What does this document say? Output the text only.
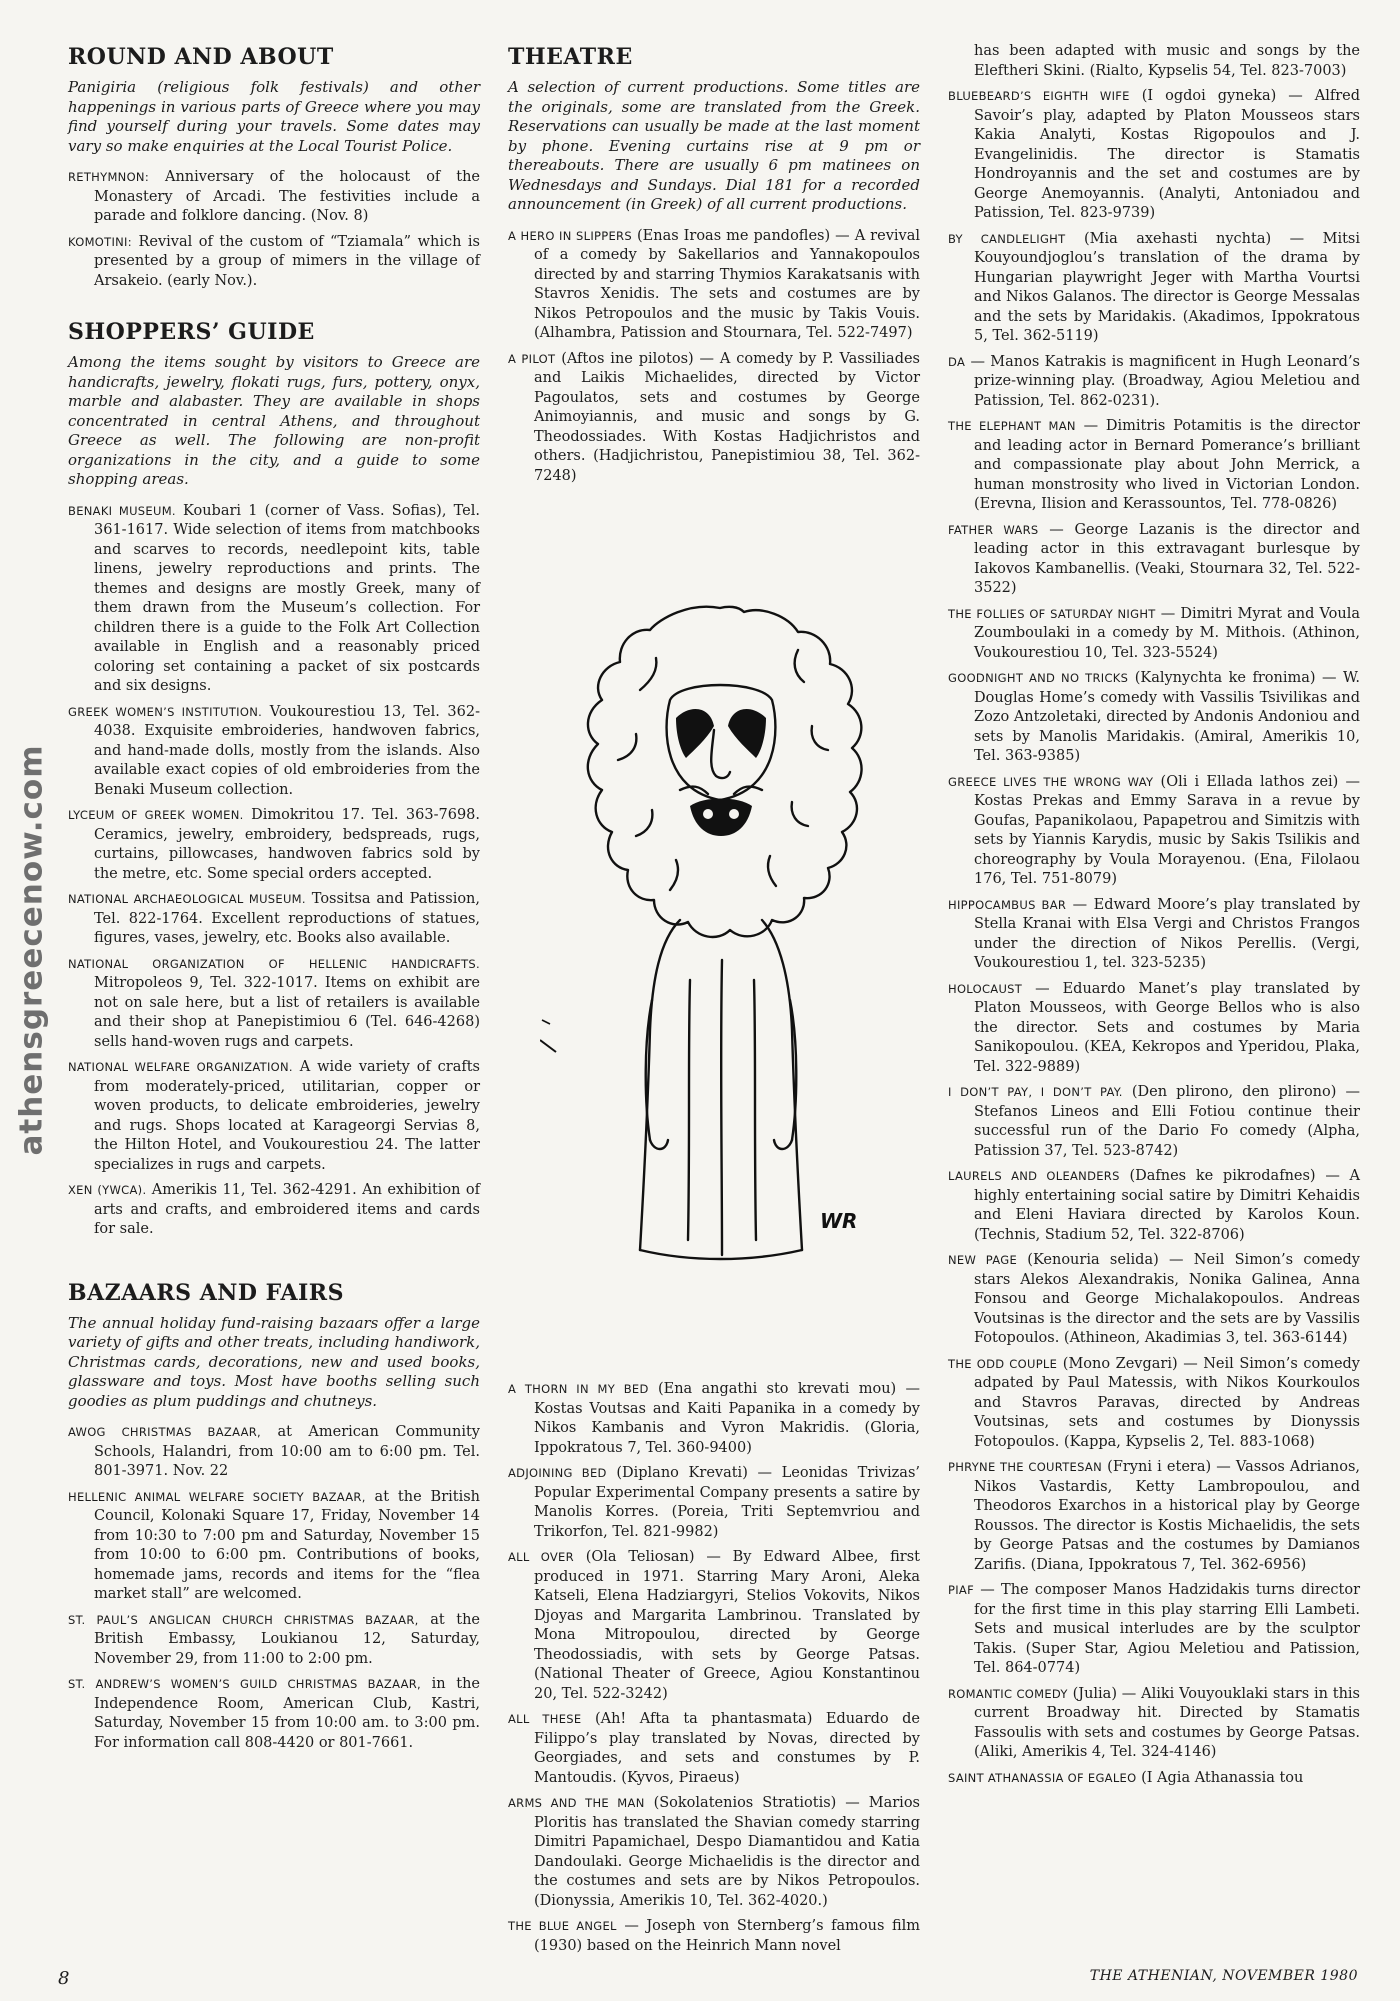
athensgreecenow.com
ROUND AND ABOUT

Panigiria (religious folk festivals) and other happenings in various parts of Greece where you may find yourself during your travels. Some dates may vary so make enquiries at the Local Tourist Police.

RETHYMNON: Anniversary of the holocaust of the Monastery of Arcadi. The festivities include a parade and folklore dancing. (Nov. 8)

KOMOTINI: Revival of the custom of “Tziamala” which is presented by a group of mimers in the village of Arsakeio. (early Nov.).

SHOPPERS’ GUIDE

Among the items sought by visitors to Greece are handicrafts, jewelry, flokati rugs, furs, pottery, onyx, marble and alabaster. They are available in shops concentrated in central Athens, and throughout Greece as well. The following are non-profit organizations in the city, and a guide to some shopping areas.

BENAKI MUSEUM. Koubari 1 (corner of Vass. Sofias), Tel. 361-1617. Wide selection of items from matchbooks and scarves to records, needlepoint kits, table linens, jewelry reproductions and prints. The themes and designs are mostly Greek, many of them drawn from the Museum’s collection. For children there is a guide to the Folk Art Collection available in English and a reasonably priced coloring set containing a packet of six postcards and six designs.

GREEK WOMEN’S INSTITUTION. Voukourestiou 13, Tel. 362-4038. Exquisite embroideries, handwoven fabrics, and hand-made dolls, mostly from the islands. Also available exact copies of old embroideries from the Benaki Museum collection.

LYCEUM OF GREEK WOMEN. Dimokritou 17. Tel. 363-7698. Ceramics, jewelry, embroidery, bedspreads, rugs, curtains, pillowcases, handwoven fabrics sold by the metre, etc. Some special orders accepted.

NATIONAL ARCHAEOLOGICAL MUSEUM. Tossitsa and Patission, Tel. 822-1764. Excellent reproductions of statues, figures, vases, jewelry, etc. Books also available.

NATIONAL ORGANIZATION OF HELLENIC HANDICRAFTS. Mitropoleos 9, Tel. 322-1017. Items on exhibit are not on sale here, but a list of retailers is available and their shop at Panepistimiou 6 (Tel. 646-4268) sells hand-woven rugs and carpets.

NATIONAL WELFARE ORGANIZATION. A wide variety of crafts from moderately-priced, utilitarian, copper or woven products, to delicate embroideries, jewelry and rugs. Shops located at Karageorgi Servias 8, the Hilton Hotel, and Voukourestiou 24. The latter specializes in rugs and carpets.

XEN (YWCA). Amerikis 11, Tel. 362-4291. An exhibition of arts and crafts, and embroidered items and cards for sale.

BAZAARS AND FAIRS

The annual holiday fund-raising bazaars offer a large variety of gifts and other treats, including handiwork, Christmas cards, decorations, new and used books, glassware and toys. Most have booths selling such goodies as plum puddings and chutneys.

AWOG CHRISTMAS BAZAAR, at American Community Schools, Halandri, from 10:00 am to 6:00 pm. Tel. 801-3971. Nov. 22

HELLENIC ANIMAL WELFARE SOCIETY BAZAAR, at the British Council, Kolonaki Square 17, Friday, November 14 from 10:30 to 7:00 pm and Saturday, November 15 from 10:00 to 6:00 pm. Contributions of books, homemade jams, records and items for the “flea market stall” are welcomed.

ST. PAUL’S ANGLICAN CHURCH CHRISTMAS BAZAAR, at the British Embassy, Loukianou 12, Saturday, November 29, from 11:00 to 2:00 pm.

ST. ANDREW’S WOMEN’S GUILD CHRISTMAS BAZAAR, in the Independence Room, American Club, Kastri, Saturday, November 15 from 10:00 am. to 3:00 pm. For information call 808-4420 or 801-7661.

THEATRE

A selection of current productions. Some titles are the originals, some are translated from the Greek. Reservations can usually be made at the last moment by phone. Evening curtains rise at 9 pm or thereabouts. There are usually 6 pm matinees on Wednesdays and Sundays. Dial 181 for a recorded announcement (in Greek) of all current productions.

A HERO IN SLIPPERS (Enas Iroas me pandofles) — A revival of a comedy by Sakellarios and Yannakopoulos directed by and starring Thymios Karakatsanis with Stavros Xenidis. The sets and costumes are by Nikos Petropoulos and the music by Takis Vouis. (Alhambra, Patission and Stournara, Tel. 522-7497)

A PILOT (Aftos ine pilotos) — A comedy by P. Vassiliades and Laikis Michaelides, directed by Victor Pagoulatos, sets and costumes by George Animoyiannis, and music and songs by G. Theodossiades. With Kostas Hadjichristos and others. (Hadjichristou, Panepistimiou 38, Tel. 362-7248)

WR

A THORN IN MY BED (Ena angathi sto krevati mou) — Kostas Voutsas and Kaiti Papanika in a comedy by Nikos Kambanis and Vyron Makridis. (Gloria, Ippokratous 7, Tel. 360-9400)

ADJOINING BED (Diplano Krevati) — Leonidas Trivizas’ Popular Experimental Company presents a satire by Manolis Korres. (Poreia, Triti Septemvriou and Trikorfon, Tel. 821-9982)

ALL OVER (Ola Teliosan) — By Edward Albee, first produced in 1971. Starring Mary Aroni, Aleka Katseli, Elena Hadziargyri, Stelios Vokovits, Nikos Djoyas and Margarita Lambrinou. Translated by Mona Mitropoulou, directed by George Theodossiadis, with sets by George Patsas. (National Theater of Greece, Agiou Konstantinou 20, Tel. 522-3242)

ALL THESE (Ah! Afta ta phantasmata) Eduardo de Filippo’s play translated by Novas, directed by Georgiades, and sets and constumes by P. Mantoudis. (Kyvos, Piraeus)

ARMS AND THE MAN (Sokolatenios Stratiotis) — Marios Ploritis has translated the Shavian comedy starring Dimitri Papamichael, Despo Diamantidou and Katia Dandoulaki. George Michaelidis is the director and the costumes and sets are by Nikos Petropoulos. (Dionyssia, Amerikis 10, Tel. 362-4020.)

THE BLUE ANGEL — Joseph von Sternberg’s famous film (1930) based on the Heinrich Mann novel

has been adapted with music and songs by the Eleftheri Skini. (Rialto, Kypselis 54, Tel. 823-7003)

BLUEBEARD’S EIGHTH WIFE (I ogdoi gyneka) — Alfred Savoir’s play, adapted by Platon Mousseos stars Kakia Analyti, Kostas Rigopoulos and J. Evangelinidis. The director is Stamatis Hondroyannis and the set and costumes are by George Anemoyannis. (Analyti, Antoniadou and Patission, Tel. 823-9739)

BY CANDLELIGHT (Mia axehasti nychta) — Mitsi Kouyoundjoglou’s translation of the drama by Hungarian playwright Jeger with Martha Vourtsi and Nikos Galanos. The director is George Messalas and the sets by Maridakis. (Akadimos, Ippokratous 5, Tel. 362-5119)

DA — Manos Katrakis is magnificent in Hugh Leonard’s prize-winning play. (Broadway, Agiou Meletiou and Patission, Tel. 862-0231).

THE ELEPHANT MAN — Dimitris Potamitis is the director and leading actor in Bernard Pomerance’s brilliant and compassionate play about John Merrick, a human monstrosity who lived in Victorian London. (Erevna, Ilision and Kerassountos, Tel. 778-0826)

FATHER WARS — George Lazanis is the director and leading actor in this extravagant burlesque by Iakovos Kambanellis. (Veaki, Stournara 32, Tel. 522-3522)

THE FOLLIES OF SATURDAY NIGHT — Dimitri Myrat and Voula Zoumboulaki in a comedy by M. Mithois. (Athinon, Voukourestiou 10, Tel. 323-5524)

GOODNIGHT AND NO TRICKS (Kalynychta ke fronima) — W. Douglas Home’s comedy with Vassilis Tsivilikas and Zozo Antzoletaki, directed by Andonis Andoniou and sets by Manolis Maridakis. (Amiral, Amerikis 10, Tel. 363-9385)

GREECE LIVES THE WRONG WAY (Oli i Ellada lathos zei) — Kostas Prekas and Emmy Sarava in a revue by Goufas, Papanikolaou, Papapetrou and Simitzis with sets by Yiannis Karydis, music by Sakis Tsilikis and choreography by Voula Morayenou. (Ena, Filolaou 176, Tel. 751-8079)

HIPPOCAMBUS BAR — Edward Moore’s play translated by Stella Kranai with Elsa Vergi and Christos Frangos under the direction of Nikos Perellis. (Vergi, Voukourestiou 1, tel. 323-5235)

HOLOCAUST — Eduardo Manet’s play translated by Platon Mousseos, with George Bellos who is also the director. Sets and costumes by Maria Sanikopoulou. (KEA, Kekropos and Yperidou, Plaka, Tel. 322-9889)

I DON’T PAY, I DON’T PAY. (Den plirono, den plirono) — Stefanos Lineos and Elli Fotiou continue their successful run of the Dario Fo comedy (Alpha, Patission 37, Tel. 523-8742)

LAURELS AND OLEANDERS (Dafnes ke pikrodafnes) — A highly entertaining social satire by Dimitri Kehaidis and Eleni Haviara directed by Karolos Koun. (Technis, Stadium 52, Tel. 322-8706)

NEW PAGE (Kenouria selida) — Neil Simon’s comedy stars Alekos Alexandrakis, Nonika Galinea, Anna Fonsou and George Michalakopoulos. Andreas Voutsinas is the director and the sets are by Vassilis Fotopoulos. (Athineon, Akadimias 3, tel. 363-6144)

THE ODD COUPLE (Mono Zevgari) — Neil Simon’s comedy adpated by Paul Matessis, with Nikos Kourkoulos and Stavros Paravas, directed by Andreas Voutsinas, sets and costumes by Dionyssis Fotopoulos. (Kappa, Kypselis 2, Tel. 883-1068)

PHRYNE THE COURTESAN (Fryni i etera) — Vassos Adrianos, Nikos Vastardis, Ketty Lambropoulou, and Theodoros Exarchos in a historical play by George Roussos. The director is Kostis Michaelidis, the sets by George Patsas and the costumes by Damianos Zarifis. (Diana, Ippokratous 7, Tel. 362-6956)

PIAF — The composer Manos Hadzidakis turns director for the first time in this play starring Elli Lambeti. Sets and musical interludes are by the sculptor Takis. (Super Star, Agiou Meletiou and Patission, Tel. 864-0774)

ROMANTIC COMEDY (Julia) — Aliki Vouyouklaki stars in this current Broadway hit. Directed by Stamatis Fassoulis with sets and costumes by George Patsas. (Aliki, Amerikis 4, Tel. 324-4146)

SAINT ATHANASSIA OF EGALEO (I Agia Athanassia tou

8	THE ATHENIAN, NOVEMBER 1980
